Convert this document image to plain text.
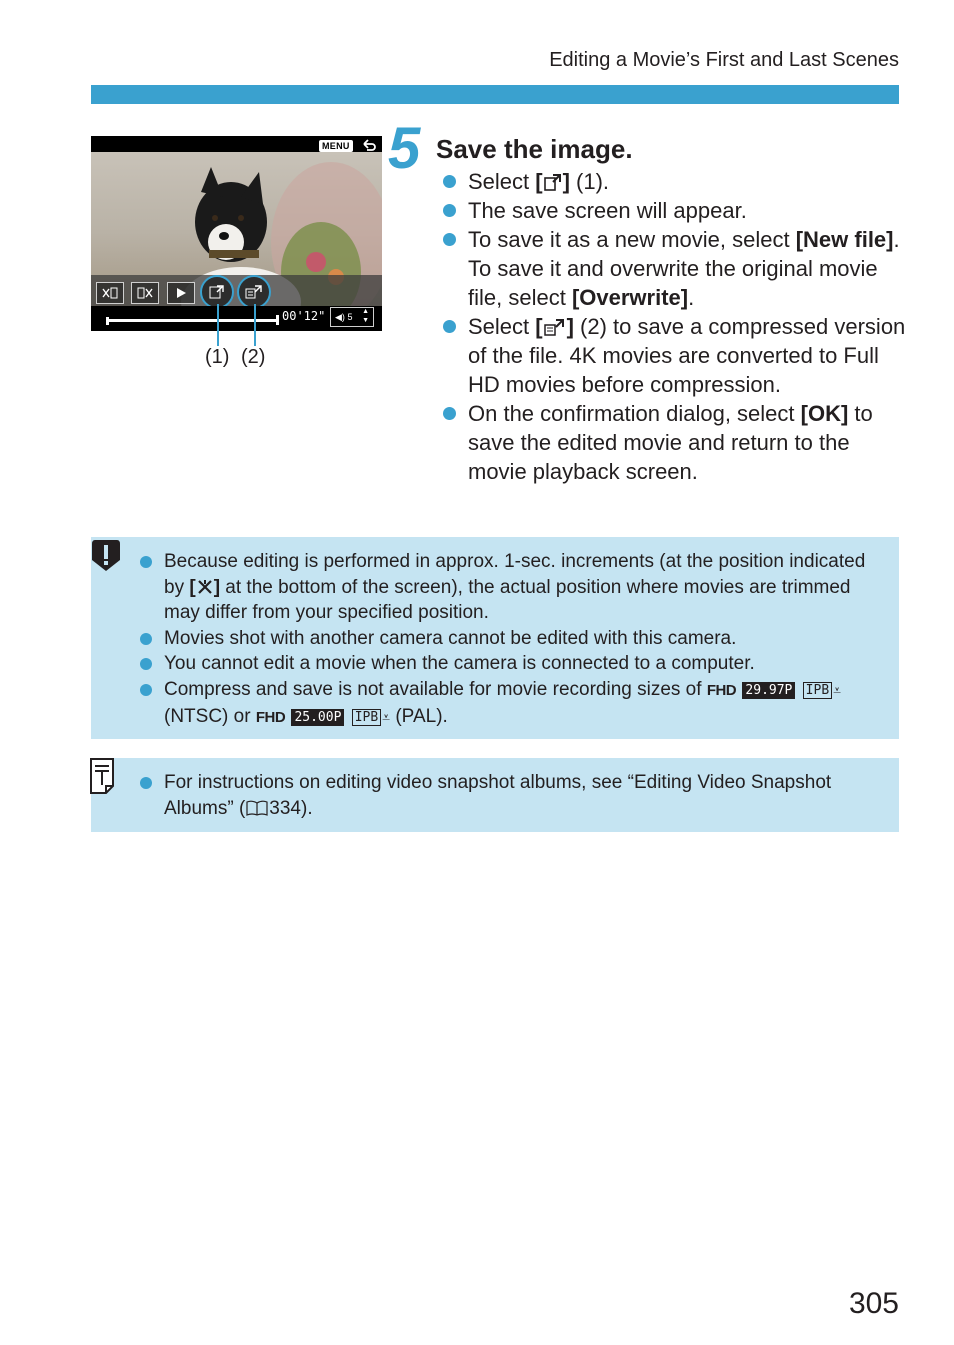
Editing a Movie’s First and Last Scenes
MENU
00'12"	◀) 5
▲
▼
(1) (2)
5 Save the image.
Select [ ] (1).
The save screen will appear.
To save it as a new movie, select [New file]. To save it and overwrite the original movie file, select [Overwrite].
Select [ ] (2) to save a compressed version of the file. 4K movies are converted to Full HD movies before compression.
On the confirmation dialog, select [OK] to save the edited movie and return to the movie playback screen.
Because editing is performed in approx. 1-sec. increments (at the position indicated by [ ] at the bottom of the screen), the actual position where movies are trimmed may differ from your specified position.
Movies shot with another camera cannot be edited with this camera.
You cannot edit a movie when the camera is connected to a computer.
Compress and save is not available for movie recording sizes of FHD 29.97P IPB ⩡
(NTSC) or FHD 25.00P IPB ⩡ (PAL).
For instructions on editing video snapshot albums, see “Editing Video Snapshot Albums” ( 334).
305
